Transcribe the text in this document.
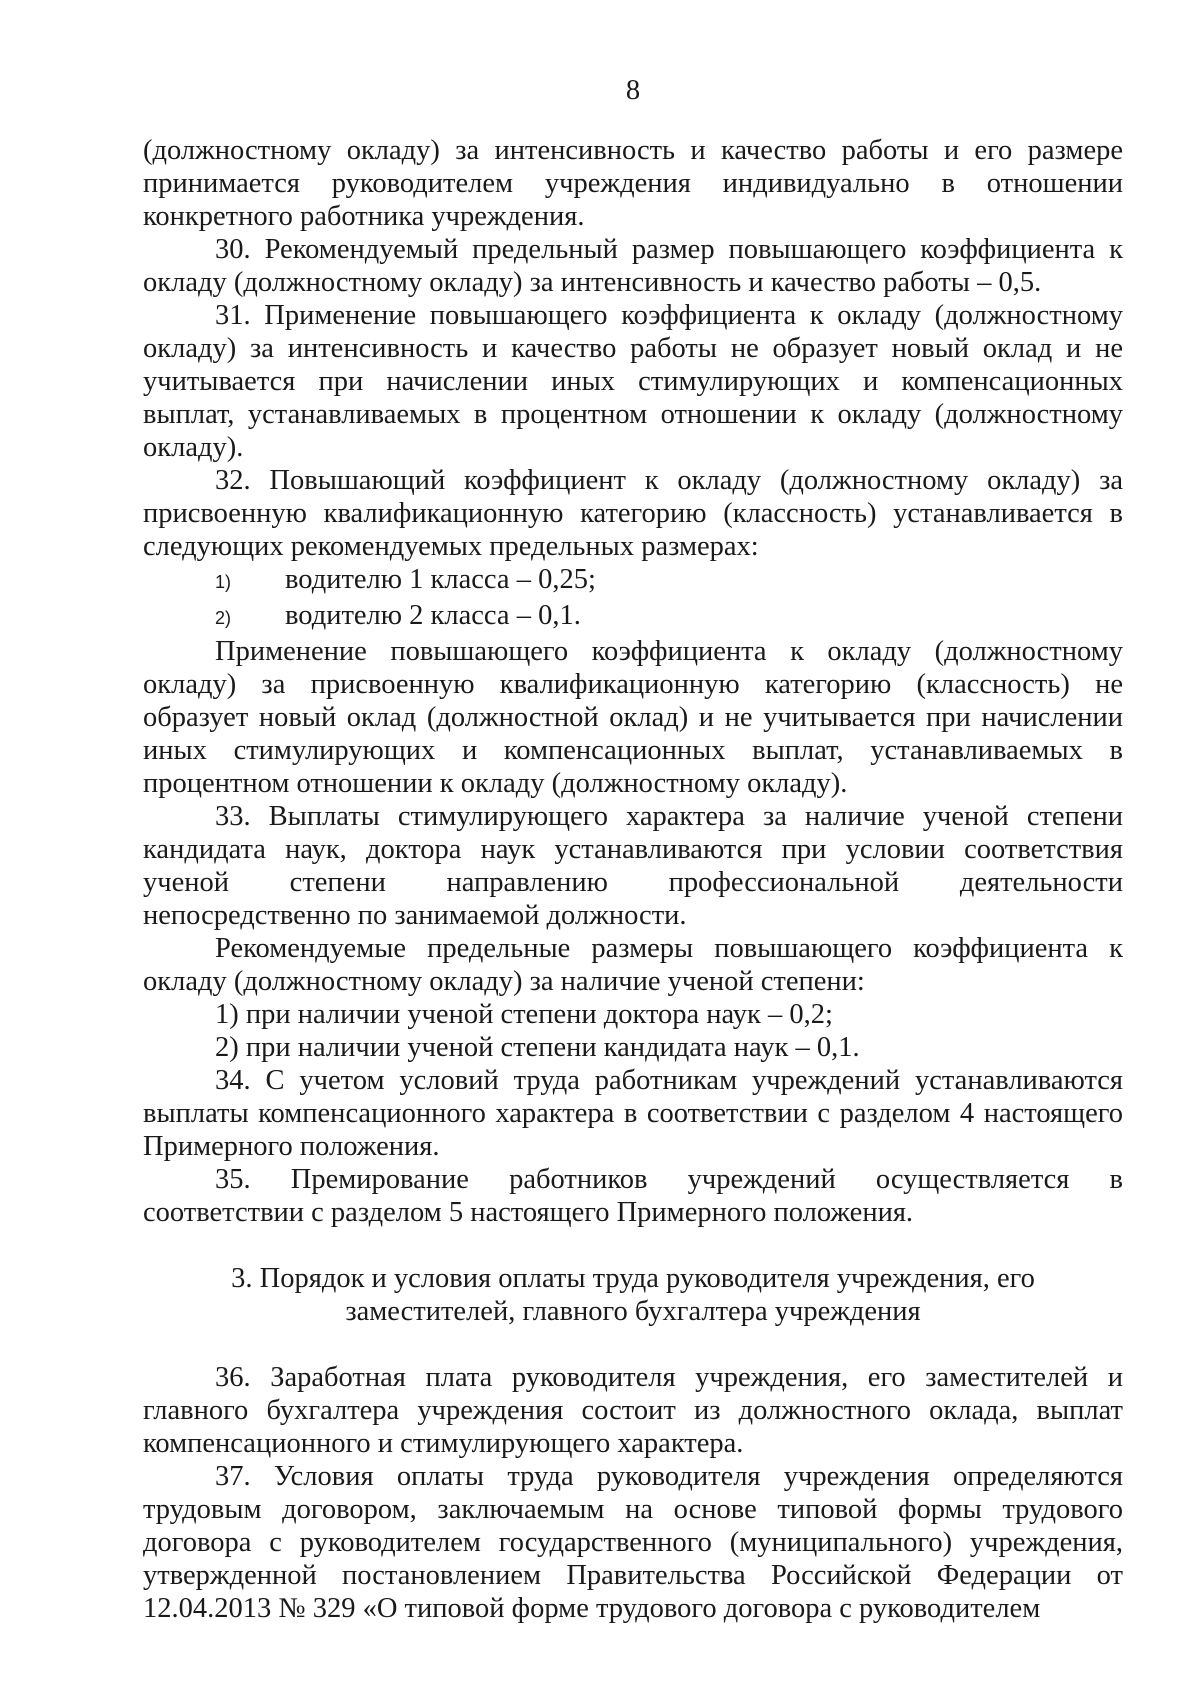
8

(должностному окладу) за интенсивность и качество работы и его размере принимается руководителем учреждения индивидуально в отношении конкретного работника учреждения.

30. Рекомендуемый предельный размер повышающего коэффициента к окладу (должностному окладу) за интенсивность и качество работы – 0,5.

31. Применение повышающего коэффициента к окладу (должностному окладу) за интенсивность и качество работы не образует новый оклад и не учитывается при начислении иных стимулирующих и компенсационных выплат, устанавливаемых в процентном отношении к окладу (должностному окладу).

32. Повышающий коэффициент к окладу (должностному окладу) за присвоенную квалификационную категорию (классность) устанавливается в следующих рекомендуемых предельных размерах:

1) водителю 1 класса – 0,25;
2) водителю 2 класса – 0,1.

Применение повышающего коэффициента к окладу (должностному окладу) за присвоенную квалификационную категорию (классность) не образует новый оклад (должностной оклад) и не учитывается при начислении иных стимулирующих и компенсационных выплат, устанавливаемых в процентном отношении к окладу (должностному окладу).

33. Выплаты стимулирующего характера за наличие ученой степени кандидата наук, доктора наук устанавливаются при условии соответствия ученой степени направлению профессиональной деятельности непосредственно по занимаемой должности.

Рекомендуемые предельные размеры повышающего коэффициента к окладу (должностному окладу) за наличие ученой степени:

1) при наличии ученой степени доктора наук – 0,2;

2) при наличии ученой степени кандидата наук – 0,1.

34. С учетом условий труда работникам учреждений устанавливаются выплаты компенсационного характера в соответствии с разделом 4 настоящего Примерного положения.

35. Премирование работников учреждений осуществляется в соответствии с разделом 5 настоящего Примерного положения.

3. Порядок и условия оплаты труда руководителя учреждения, его
заместителей, главного бухгалтера учреждения

36. Заработная плата руководителя учреждения, его заместителей и главного бухгалтера учреждения состоит из должностного оклада, выплат компенсационного и стимулирующего характера.

37. Условия оплаты труда руководителя учреждения определяются трудовым договором, заключаемым на основе типовой формы трудового договора с руководителем государственного (муниципального) учреждения, утвержденной постановлением Правительства Российской Федерации от 12.04.2013 № 329 «О типовой форме трудового договора с руководителем
